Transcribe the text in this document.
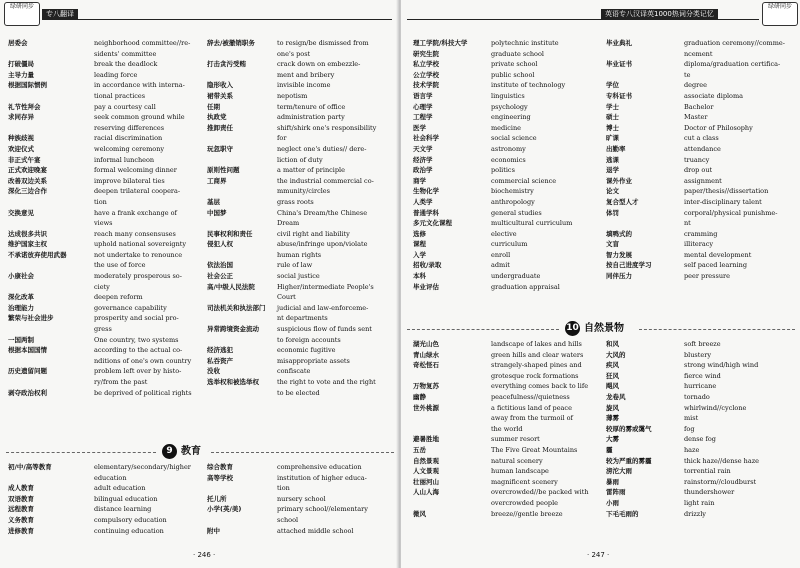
绿研同步
专八翻译
居委会	neighborhood committee//re-
sidents' committee
打破僵局	break the deadlock
主导力量	leading force
根据国际惯例	in accordance with interna-
tional practices
礼节性拜会	pay a courtesy call
求同存异	seek common ground while
reserving differences
种族歧视	racial discrimination
欢迎仪式	welcoming ceremony
非正式午宴	informal luncheon
正式欢迎晚宴	formal welcoming dinner
改善双边关系	improve bilateral ties
深化三边合作	deepen trilateral coopera-
tion
交换意见	have a frank exchange of
views
达成很多共识	reach many consensuses
维护国家主权	uphold national sovereignty
不承诺放弃使用武器	not undertake to renounce
the use of force
小康社会	moderately prosperous so-
ciety
深化改革	deepen reform
治理能力	governance capability
繁荣与社会进步	prosperity and social pro-
gress
一国两制	One country, two systems
根据本国国情	according to the actual co-
nditions of one's own country
历史遗留问题	problem left over by histo-
ry/from the past
剥夺政治权利	be deprived of political rights
辞去/被撤销职务	to resign/be dismissed from
one's post
打击贪污受贿	crack down on embezzle-
ment and bribery
隐形收入	invisible income
裙带关系	nepotism
任期	term/tenure of office
执政党	administration party
推卸责任	shift/shirk one's responsibility
for
玩忽职守	neglect one's duties// dere-
liction of duty
原则性问题	a matter of principle
工商界	the industrial commercial co-
mmunity/circles
基层	grass roots
中国梦	China's Dream/the Chinese
Dream
民事权利和责任	civil right and liability
侵犯人权	abuse/infringe upon/violate
human rights
依法治国	rule of law
社会公正	social justice
高/中级人民法院	Higher/intermediate People's
Court
司法机关和执法部门	judicial and law-enforceme-
nt departments
异常跨境资金流动	suspicious flow of funds sent
to foreign accounts
经济逃犯	economic fugitive
私吞资产	misappropriate assets
没收	confiscate
选举权和被选举权	the right to vote and the right
to be elected
9 教育
初/中/高等教育	elementary/secondary/higher
education
成人教育	adult education
双语教育	bilingual education
远程教育	distance learning
义务教育	compulsory education
进修教育	continuing education
综合教育	comprehensive education
高等学校	institution of higher educa-
tion
托儿所	nursery school
小学(英/美)	primary school//elementary
school
附中	attached middle school
· 246 ·
英语专八汉译英1000热词分类记忆
绿研同步
理工学院/科技大学	polytechnic institute
研究生院	graduate school
私立学校	private school
公立学校	public school
技术学院	institute of technology
语言学	linguistics
心理学	psychology
工程学	engineering
医学	medicine
社会科学	social science
天文学	astronomy
经济学	economics
政治学	politics
商学	commercial science
生物化学	biochemistry
人类学	anthropology
普通学科	general studies
多元文化课程	multicultural curriculum
选修	elective
课程	curriculum
入学	enroll
招收/录取	admit
本科	undergraduate
毕业评估	graduation appraisal
毕业典礼	graduation ceremony//comme-
ncement
毕业证书	diploma/graduation certifica-
te
学位	degree
专科证书	associate diploma
学士	Bachelor
硕士	Master
博士	Doctor of Philosophy
旷课	cut a class
出勤率	attendance
逃课	truancy
退学	drop out
课外作业	assignment
论文	paper/thesis//dissertation
复合型人才	inter-disciplinary talent
体罚	corporal/physical punishme-
nt
填鸭式的	cramming
文盲	illiteracy
智力发展	mental development
按自己进度学习	self paced learning
同伴压力	peer pressure
10 自然景物
湖光山色	landscape of lakes and hills
青山绿水	green hills and clear waters
奇松怪石	strangely-shaped pines and
grotesque rock formations
万物复苏	everything comes back to life
幽静	peacefulness//quietness
世外桃源	a fictitious land of peace
away from the turmoil of
the world
避暑胜地	summer resort
五岳	The Five Great Mountains
自然景观	natural scenery
人文景观	human landscape
壮丽河山	magnificent scenery
人山人海	overcrowded//be packed with
overcrowded people
微风	breeze//gentle breeze
和风	soft breeze
大风的	blustery
疾风	strong wind/high wind
狂风	fierce wind
飓风	hurricane
龙卷风	tornado
旋风	whirlwind//cyclone
薄雾	mist
较厚的雾或霭气	fog
大雾	dense fog
霾	haze
较为严重的雾霾	thick haze//dense haze
滂沱大雨	torrential rain
暴雨	rainstorm//cloudburst
雷阵雨	thundershower
小雨	light rain
下毛毛雨的	drizzly
· 247 ·
